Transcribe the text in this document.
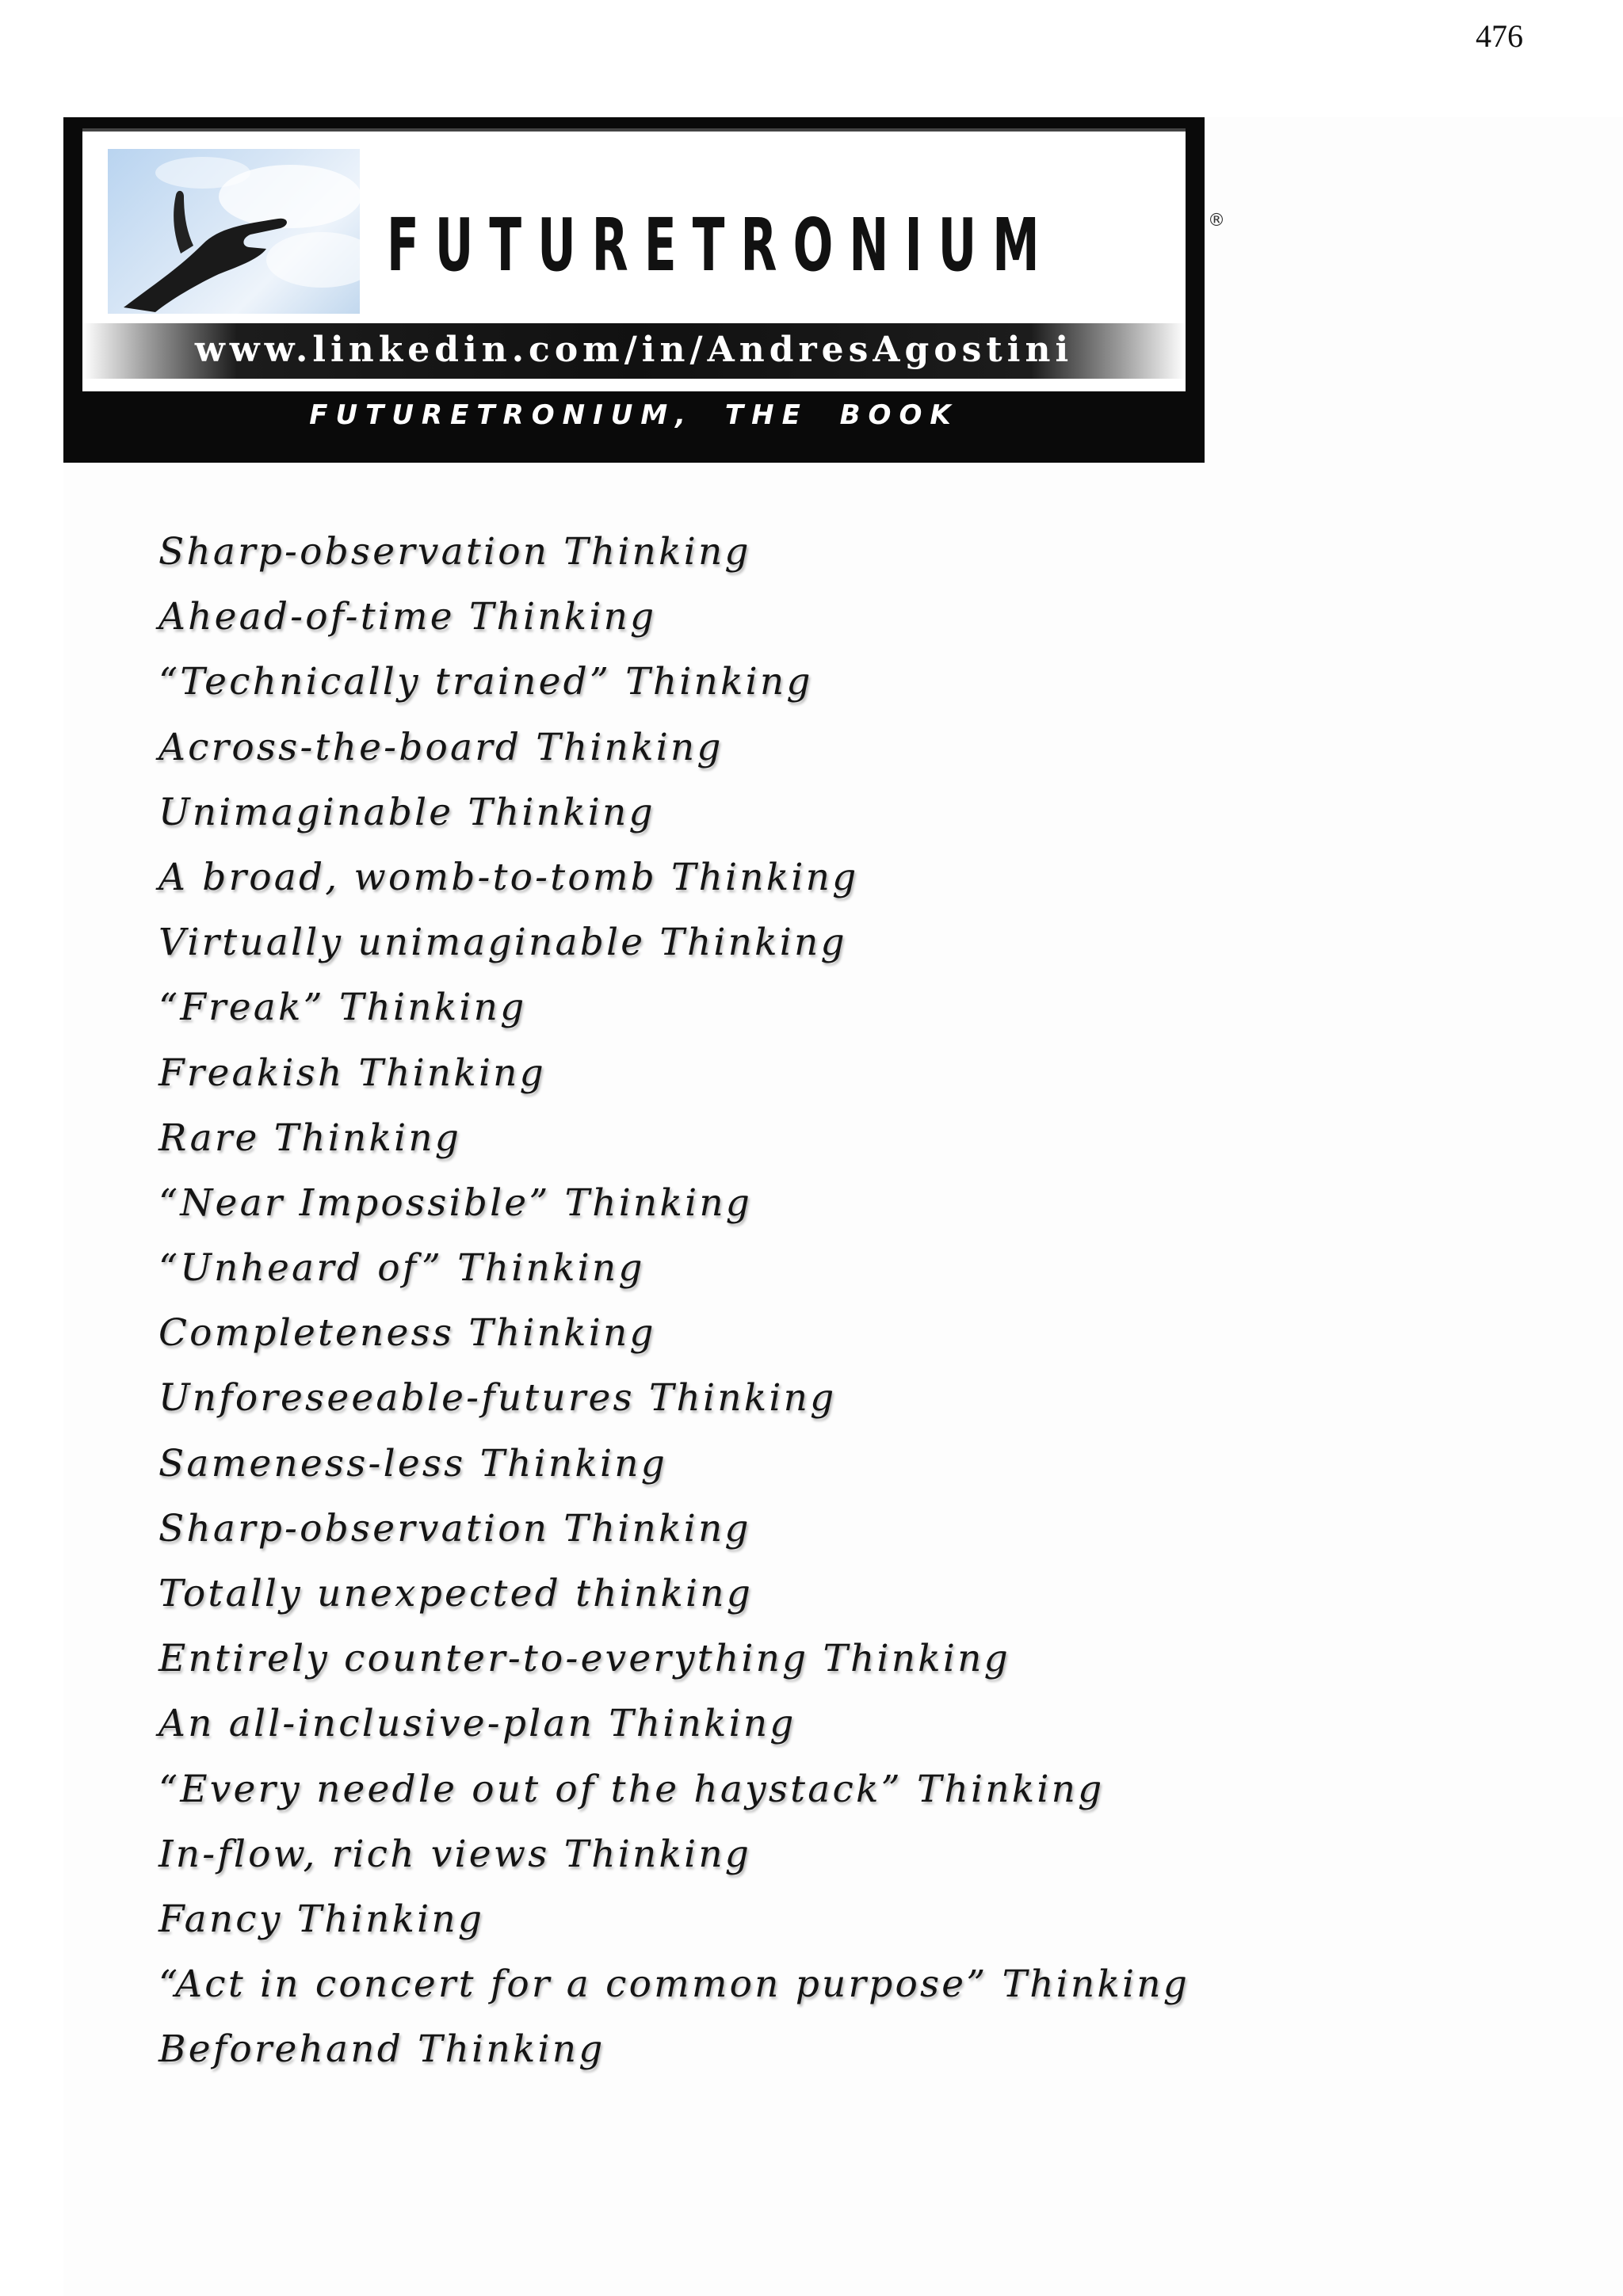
476
FUTURETRONIUM	®
www.linkedin.com/in/AndresAgostini
FUTURETRONIUM, THE BOOK
Sharp-observation Thinking
Ahead-of-time Thinking
“Technically trained” Thinking
Across-the-board Thinking
Unimaginable Thinking
A broad, womb-to-tomb Thinking
Virtually unimaginable Thinking
“Freak” Thinking
Freakish Thinking
Rare Thinking
“Near Impossible” Thinking
“Unheard of” Thinking
Completeness Thinking
Unforeseeable-futures Thinking
Sameness-less Thinking
Sharp-observation Thinking
Totally unexpected thinking
Entirely counter-to-everything Thinking
An all-inclusive-plan Thinking
“Every needle out of the haystack” Thinking
In-flow, rich views Thinking
Fancy Thinking
“Act in concert for a common purpose” Thinking
Beforehand Thinking
